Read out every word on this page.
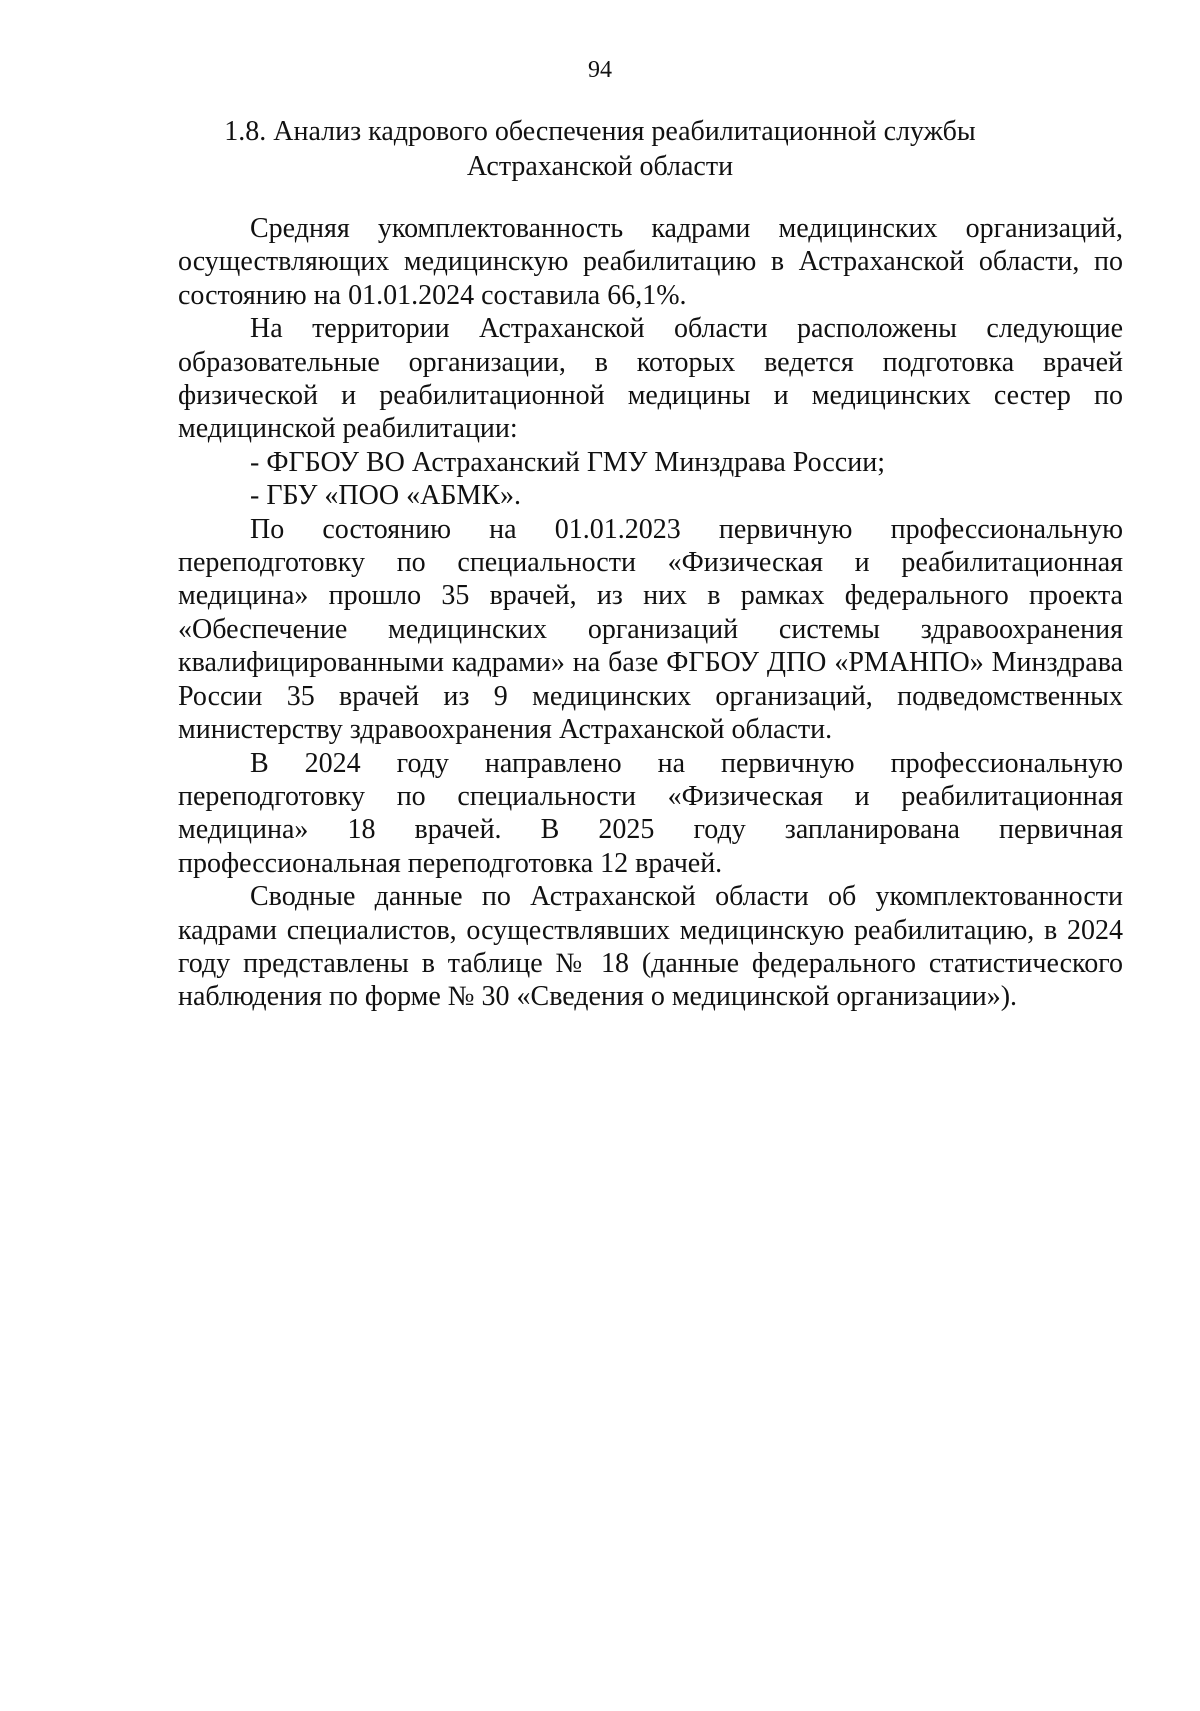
94
1.8. Анализ кадрового обеспечения реабилитационной службы
Астраханской области

Средняя укомплектованность кадрами медицинских организаций, осуществляющих медицинскую реабилитацию в Астраханской области, по состоянию на 01.01.2024 составила 66,1%.

На территории Астраханской области расположены следующие образовательные организации, в которых ведется подготовка врачей физической и реабилитационной медицины и медицинских сестер по медицинской реабилитации:

- ФГБОУ ВО Астраханский ГМУ Минздрава России;

- ГБУ «ПОО «АБМК».

По состоянию на 01.01.2023 первичную профессиональную переподготовку по специальности «Физическая и реабилитационная медицина» прошло 35 врачей, из них в рамках федерального проекта «Обеспечение медицинских организаций системы здравоохранения квалифицированными кадрами» на базе ФГБОУ ДПО «РМАНПО» Минздрава России 35 врачей из 9 медицинских организаций, подведомственных министерству здравоохранения Астраханской области.

В 2024 году направлено на первичную профессиональную переподготовку по специальности «Физическая и реабилитационная медицина» 18 врачей. В 2025 году запланирована первичная профессиональная переподготовка 12 врачей.

Сводные данные по Астраханской области об укомплектованности кадрами специалистов, осуществлявших медицинскую реабилитацию, в 2024 году представлены в таблице № 18 (данные федерального статистического наблюдения по форме № 30 «Сведения о медицинской организации»).
